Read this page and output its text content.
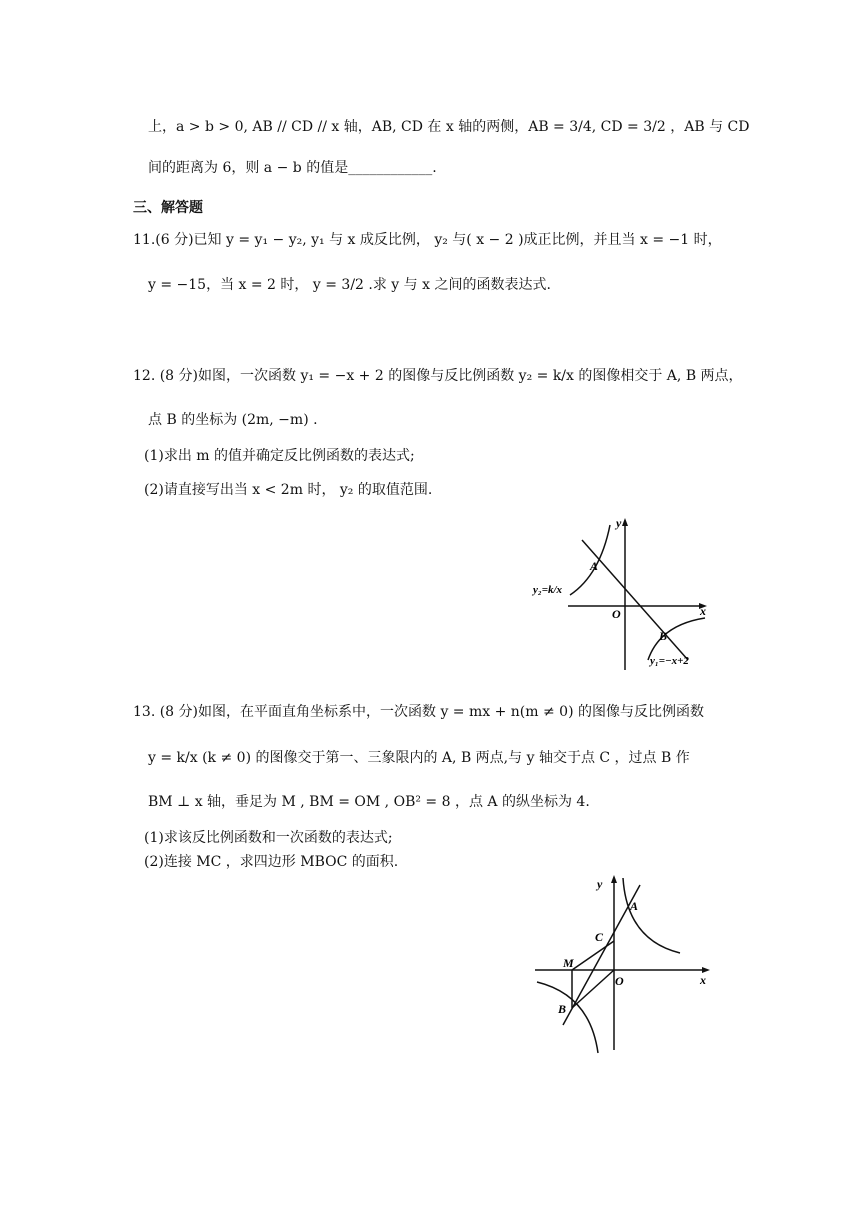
上，a > b > 0, AB // CD // x 轴，AB, CD 在 x 轴的两侧，AB = 3/4, CD = 3/2 ，AB 与 CD
间的距离为 6，则 a − b 的值是____________.
三、解答题
11.(6 分)已知 y = y₁ − y₂, y₁ 与 x 成反比例， y₂ 与( x − 2 )成正比例，并且当 x = −1 时，
y = −15，当 x = 2 时， y = 3/2 .求 y 与 x 之间的函数表达式.
12. (8 分)如图，一次函数 y₁ = −x + 2 的图像与反比例函数 y₂ = k/x 的图像相交于 A, B 两点，
点 B 的坐标为 (2m, −m) .
(1)求出 m 的值并确定反比例函数的表达式;
(2)请直接写出当 x < 2m 时， y₂ 的取值范围.
y
x
O
A
B
y₂=k/x
y₁=−x+2
13. (8 分)如图，在平面直角坐标系中，一次函数 y = mx + n(m ≠ 0) 的图像与反比例函数
y = k/x (k ≠ 0) 的图像交于第一、三象限内的 A, B 两点,与 y 轴交于点 C ，过点 B 作
BM ⊥ x 轴，垂足为 M , BM = OM , OB² = 8 ，点 A 的纵坐标为 4.
(1)求该反比例函数和一次函数的表达式;
(2)连接 MC ，求四边形 MBOC 的面积.
y
x
O
A
B
C
M
